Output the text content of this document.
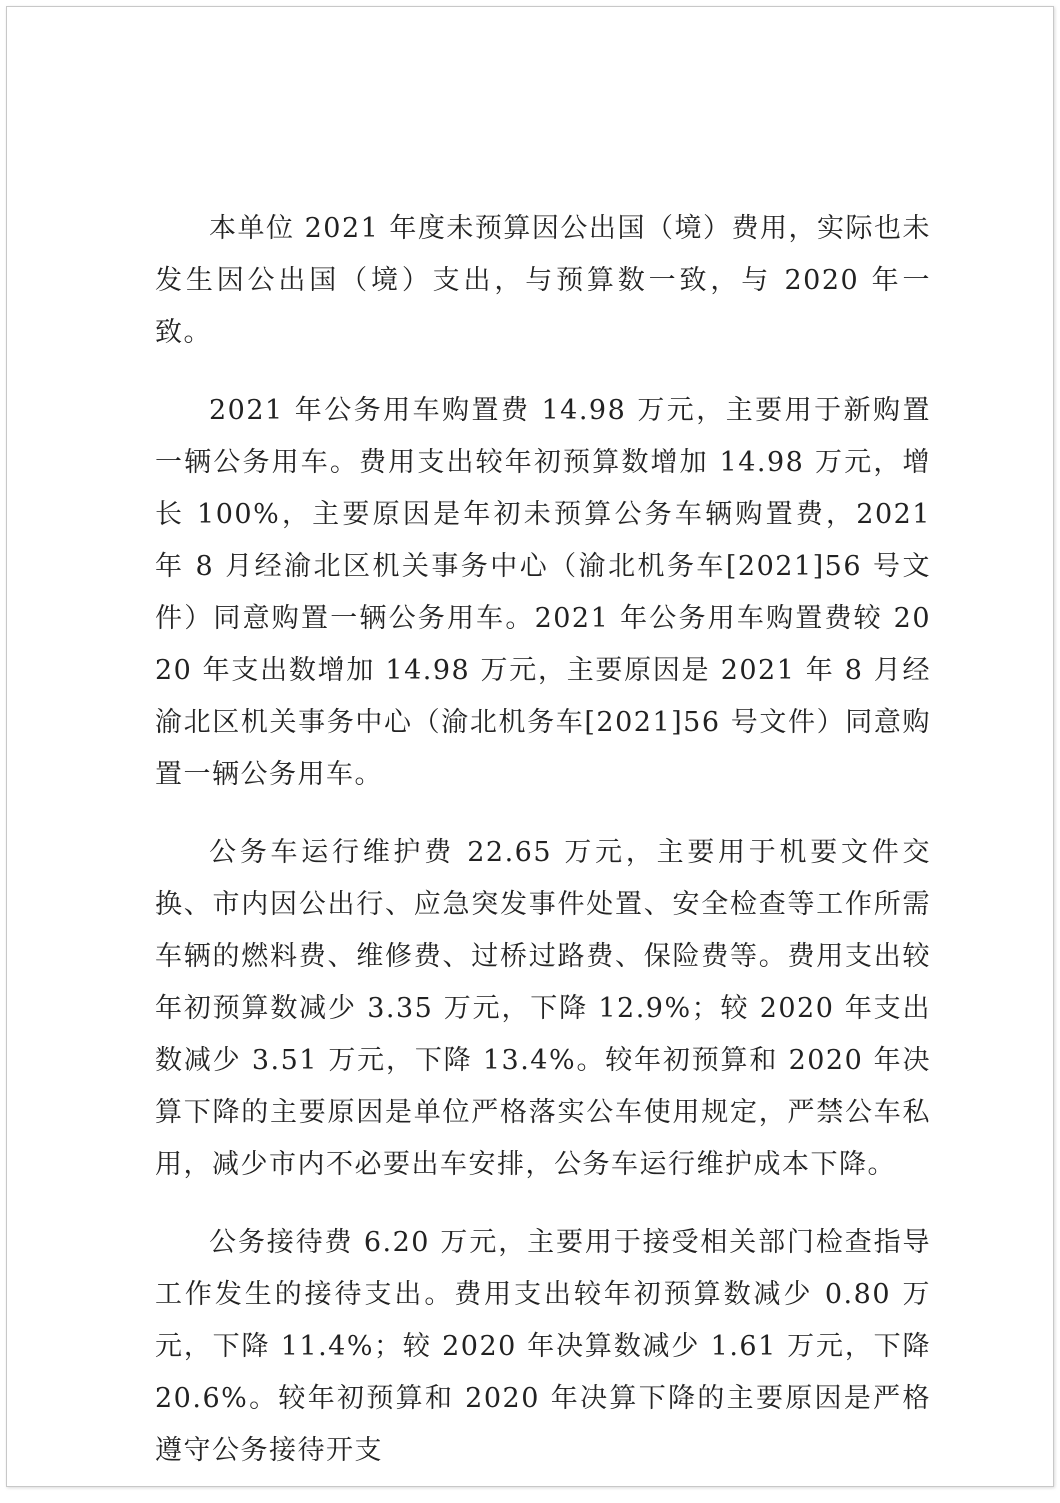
本单位 2021 年度未预算因公出国（境）费用，实际也未发生因公出国（境）支出，与预算数一致，与 2020 年一致。

2021 年公务用车购置费 14.98 万元，主要用于新购置一辆公务用车。费用支出较年初预算数增加 14.98 万元，增长 100%，主要原因是年初未预算公务车辆购置费，2021 年 8 月经渝北区机关事务中心（渝北机务车[2021]56 号文件）同意购置一辆公务用车。2021 年公务用车购置费较 2020 年支出数增加 14.98 万元，主要原因是 2021 年 8 月经渝北区机关事务中心（渝北机务车[2021]56 号文件）同意购置一辆公务用车。

公务车运行维护费 22.65 万元，主要用于机要文件交换、市内因公出行、应急突发事件处置、安全检查等工作所需车辆的燃料费、维修费、过桥过路费、保险费等。费用支出较年初预算数减少 3.35 万元，下降 12.9%；较 2020 年支出数减少 3.51 万元，下降 13.4%。较年初预算和 2020 年决算下降的主要原因是单位严格落实公车使用规定，严禁公车私用，减少市内不必要出车安排，公务车运行维护成本下降。

公务接待费 6.20 万元，主要用于接受相关部门检查指导工作发生的接待支出。费用支出较年初预算数减少 0.80 万元，下降 11.4%；较 2020 年决算数减少 1.61 万元，下降 20.6%。较年初预算和 2020 年决算下降的主要原因是严格遵守公务接待开支
